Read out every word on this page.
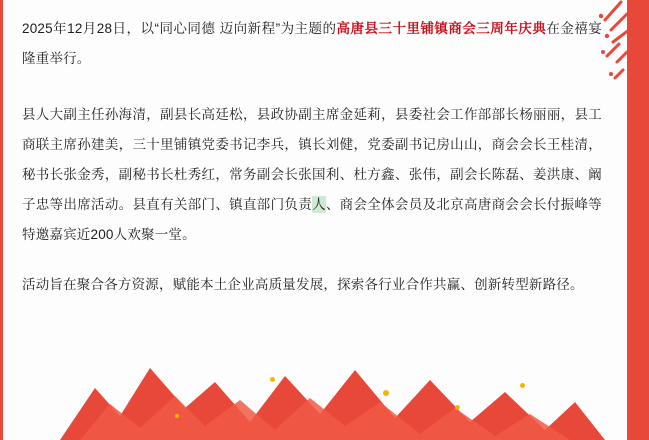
2025年12月28日，以“同心同德 迈向新程”为主题的高唐县三十里铺镇商会三周年庆典在金禧宴隆重举行。

县人大副主任孙海清，副县长高廷松，县政协副主席金延莉，县委社会工作部部长杨丽丽，县工商联主席孙建美，三十里铺镇党委书记李兵，镇长刘健，党委副书记房山山，商会会长王桂清，秘书长张金秀，副秘书长杜秀红，常务副会长张国利、杜方鑫、张伟，副会长陈磊、姜洪康、阚子忠等出席活动。县直有关部门、镇直部门负责人、商会全体会员及北京高唐商会会长付振峰等特邀嘉宾近200人欢聚一堂。

活动旨在聚合各方资源，赋能本土企业高质量发展，探索各行业合作共赢、创新转型新路径。
